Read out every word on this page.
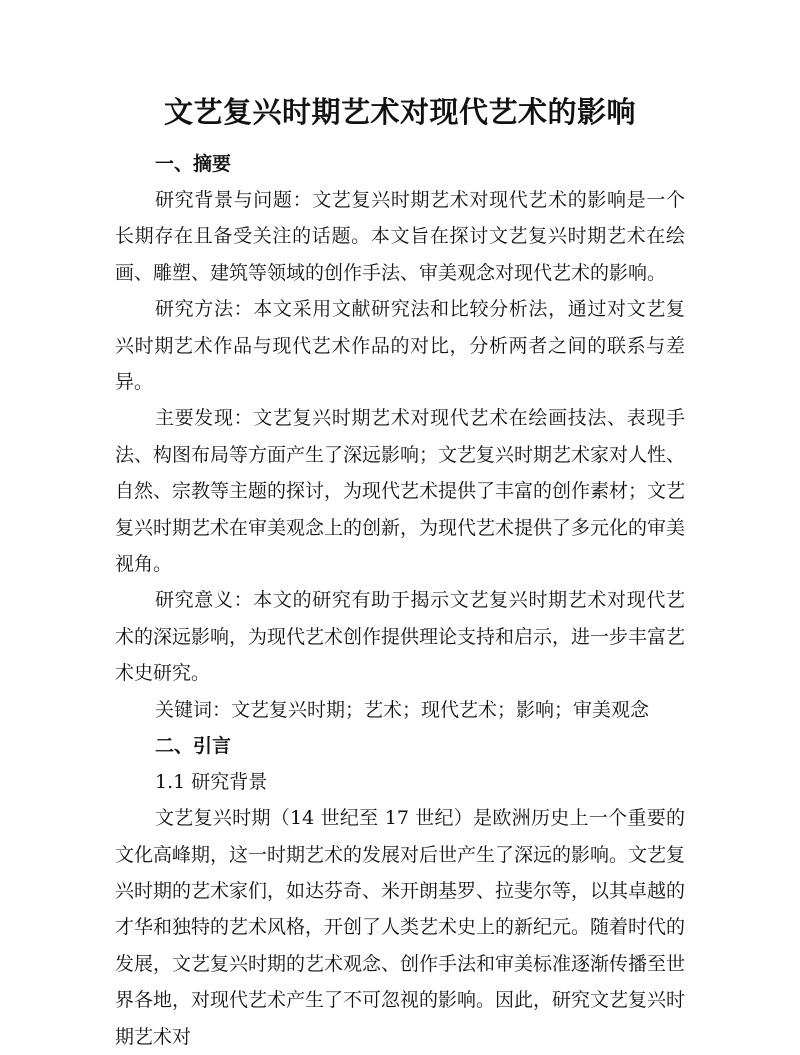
文艺复兴时期艺术对现代艺术的影响
一、摘要

研究背景与问题：文艺复兴时期艺术对现代艺术的影响是一个长期存在且备受关注的话题。本文旨在探讨文艺复兴时期艺术在绘画、雕塑、建筑等领域的创作手法、审美观念对现代艺术的影响。

研究方法：本文采用文献研究法和比较分析法，通过对文艺复兴时期艺术作品与现代艺术作品的对比，分析两者之间的联系与差异。

主要发现：文艺复兴时期艺术对现代艺术在绘画技法、表现手法、构图布局等方面产生了深远影响；文艺复兴时期艺术家对人性、自然、宗教等主题的探讨，为现代艺术提供了丰富的创作素材；文艺复兴时期艺术在审美观念上的创新，为现代艺术提供了多元化的审美视角。

研究意义：本文的研究有助于揭示文艺复兴时期艺术对现代艺术的深远影响，为现代艺术创作提供理论支持和启示，进一步丰富艺术史研究。

关键词：文艺复兴时期；艺术；现代艺术；影响；审美观念

二、引言
1.1 研究背景

文艺复兴时期（14 世纪至 17 世纪）是欧洲历史上一个重要的文化高峰期，这一时期艺术的发展对后世产生了深远的影响。文艺复兴时期的艺术家们，如达芬奇、米开朗基罗、拉斐尔等，以其卓越的才华和独特的艺术风格，开创了人类艺术史上的新纪元。随着时代的发展，文艺复兴时期的艺术观念、创作手法和审美标准逐渐传播至世界各地，对现代艺术产生了不可忽视的影响。因此，研究文艺复兴时期艺术对
